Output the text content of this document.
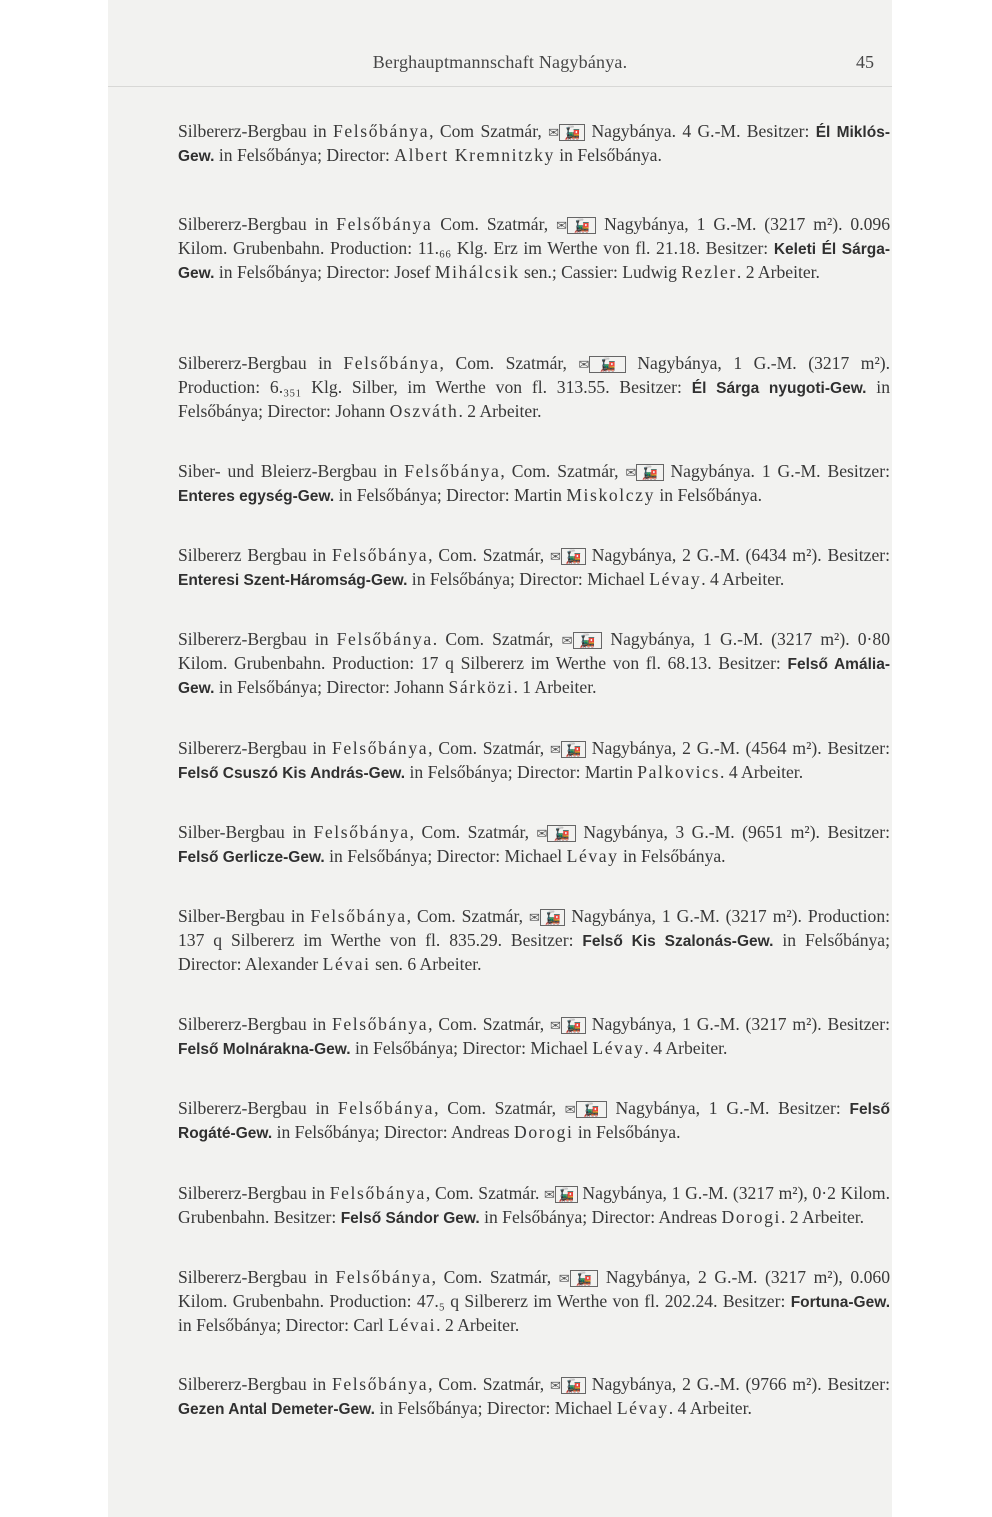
Berghauptmannschaft Nagybánya.	45

Silbererz-Bergbau in Felsőbánya, Com Szatmár, ✉ 🚂 Nagybánya. 4 G.-M. Besitzer: Él Miklós-Gew. in Felsőbánya; Director: Albert Kremnitzky in Felsőbánya.

Silbererz-Bergbau in Felsőbánya Com. Szatmár, ✉ 🚂 Nagybánya, 1 G.-M. (3217 m²). 0.096 Kilom. Grubenbahn. Production: 11.₆₆ Klg. Erz im Werthe von fl. 21.18. Besitzer: Keleti Él Sárga-Gew. in Felsőbánya; Director: Josef Mihálcsik sen.; Cassier: Ludwig Rezler. 2 Arbeiter.

Silbererz-Bergbau in Felsőbánya, Com. Szatmár, ✉ 🚂 Nagybánya, 1 G.-M. (3217 m²). Production: 6.₃₅₁ Klg. Silber, im Werthe von fl. 313.55. Besitzer: Él Sárga nyugoti-Gew. in Felsőbánya; Director: Johann Oszváth. 2 Arbeiter.

Siber- und Bleierz-Bergbau in Felsőbánya, Com. Szatmár, ✉ 🚂 Nagybánya. 1 G.-M. Besitzer: Enteres egység-Gew. in Felsőbánya; Director: Martin Miskolczy in Felsőbánya.

Silbererz Bergbau in Felsőbánya, Com. Szatmár, ✉ 🚂 Nagybánya, 2 G.-M. (6434 m²). Besitzer: Enteresi Szent-Háromság-Gew. in Felsőbánya; Director: Michael Lévay. 4 Arbeiter.

Silbererz-Bergbau in Felsőbánya. Com. Szatmár, ✉ 🚂 Nagybánya, 1 G.-M. (3217 m²). 0·80 Kilom. Grubenbahn. Production: 17 q Silbererz im Werthe von fl. 68.13. Besitzer: Felső Amália-Gew. in Felsőbánya; Director: Johann Sárközi. 1 Arbeiter.

Silbererz-Bergbau in Felsőbánya, Com. Szatmár, ✉ 🚂 Nagybánya, 2 G.-M. (4564 m²). Besitzer: Felső Csuszó Kis András-Gew. in Felsőbánya; Director: Martin Palkovics. 4 Arbeiter.

Silber-Bergbau in Felsőbánya, Com. Szatmár, ✉ 🚂 Nagybánya, 3 G.-M. (9651 m²). Besitzer: Felső Gerlicze-Gew. in Felsőbánya; Director: Michael Lévay in Felsőbánya.

Silber-Bergbau in Felsőbánya, Com. Szatmár, ✉ 🚂 Nagybánya, 1 G.-M. (3217 m²). Production: 137 q Silbererz im Werthe von fl. 835.29. Besitzer: Felső Kis Szalonás-Gew. in Felsőbánya; Director: Alexander Lévai sen. 6 Arbeiter.

Silbererz-Bergbau in Felsőbánya, Com. Szatmár, ✉ 🚂 Nagybánya, 1 G.-M. (3217 m²). Besitzer: Felső Molnárakna-Gew. in Felsőbánya; Director: Michael Lévay. 4 Arbeiter.

Silbererz-Bergbau in Felsőbánya, Com. Szatmár, ✉ 🚂 Nagybánya, 1 G.-M. Besitzer: Felső Rogáté-Gew. in Felsőbánya; Director: Andreas Dorogi in Felsőbánya.

Silbererz-Bergbau in Felsőbánya, Com. Szatmár. ✉ 🚂 Nagybánya, 1 G.-M. (3217 m²), 0·2 Kilom. Grubenbahn. Besitzer: Felső Sándor Gew. in Felsőbánya; Director: Andreas Dorogi. 2 Arbeiter.

Silbererz-Bergbau in Felsőbánya, Com. Szatmár, ✉ 🚂 Nagybánya, 2 G.-M. (3217 m²), 0.060 Kilom. Grubenbahn. Production: 47.₅ q Silbererz im Werthe von fl. 202.24. Besitzer: Fortuna-Gew. in Felsőbánya; Director: Carl Lévai. 2 Arbeiter.

Silbererz-Bergbau in Felsőbánya, Com. Szatmár, ✉ 🚂 Nagybánya, 2 G.-M. (9766 m²). Besitzer: Gezen Antal Demeter-Gew. in Felsőbánya; Director: Michael Lévay. 4 Arbeiter.
